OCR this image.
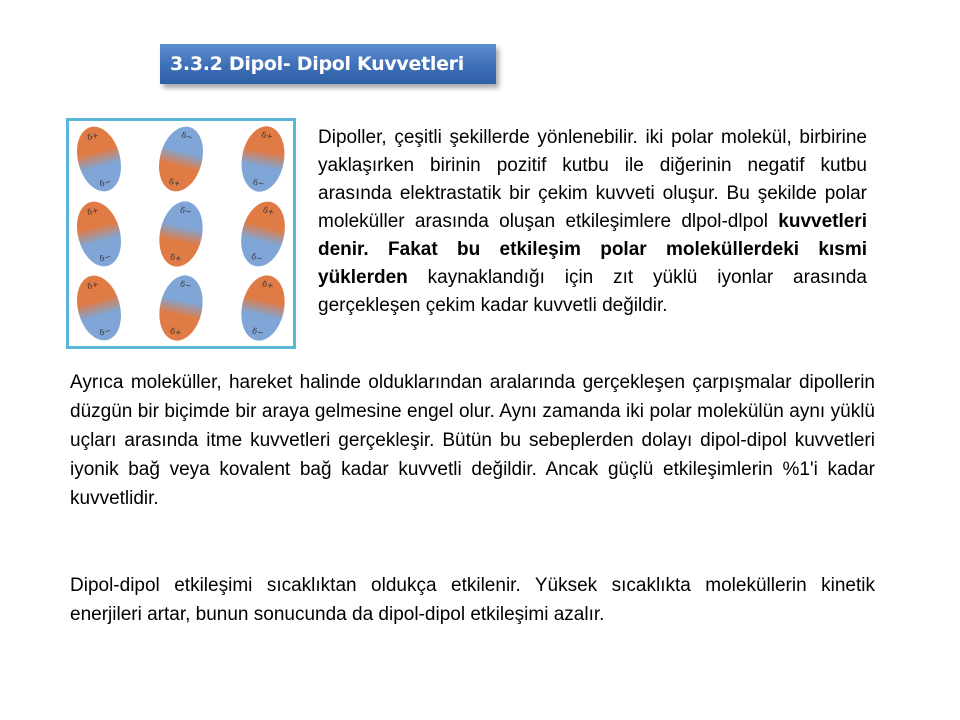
3.3.2 Dipol- Dipol Kuvvetleri
δ+
δ−
δ−
δ+
δ+
δ−
δ+
δ−
δ−
δ+
δ+
δ−
δ+
δ−
δ−
δ+
δ+
δ−

Dipoller, çeşitli şekillerde yönlenebilir. iki polar molekül, birbirine yaklaşırken birinin pozitif kutbu ile diğerinin negatif kutbu arasında elektrastatik bir çekim kuvveti oluşur. Bu şekilde polar moleküller arasında oluşan etkileşimlere dlpol-dlpol kuvvetleri denir. Fakat bu etkileşim polar moleküllerdeki kısmi yüklerden kaynaklandığı için zıt yüklü iyonlar arasında gerçekleşen çekim kadar kuvvetli değildir.

Ayrıca moleküller, hareket halinde olduklarından aralarında gerçekleşen çarpışmalar dipollerin düzgün bir biçimde bir araya gelmesine engel olur. Aynı zamanda iki polar molekülün aynı yüklü uçları arasında itme kuvvetleri gerçekleşir. Bütün bu sebeplerden dolayı dipol-dipol kuvvetleri iyonik bağ veya kovalent bağ kadar kuvvetli değildir. Ancak güçlü etkileşimlerin %1'i kadar kuvvetlidir.

Dipol-dipol etkileşimi sıcaklıktan oldukça etkilenir. Yüksek sıcaklıkta moleküllerin kinetik enerjileri artar, bunun sonucunda da dipol-dipol etkileşimi azalır.
